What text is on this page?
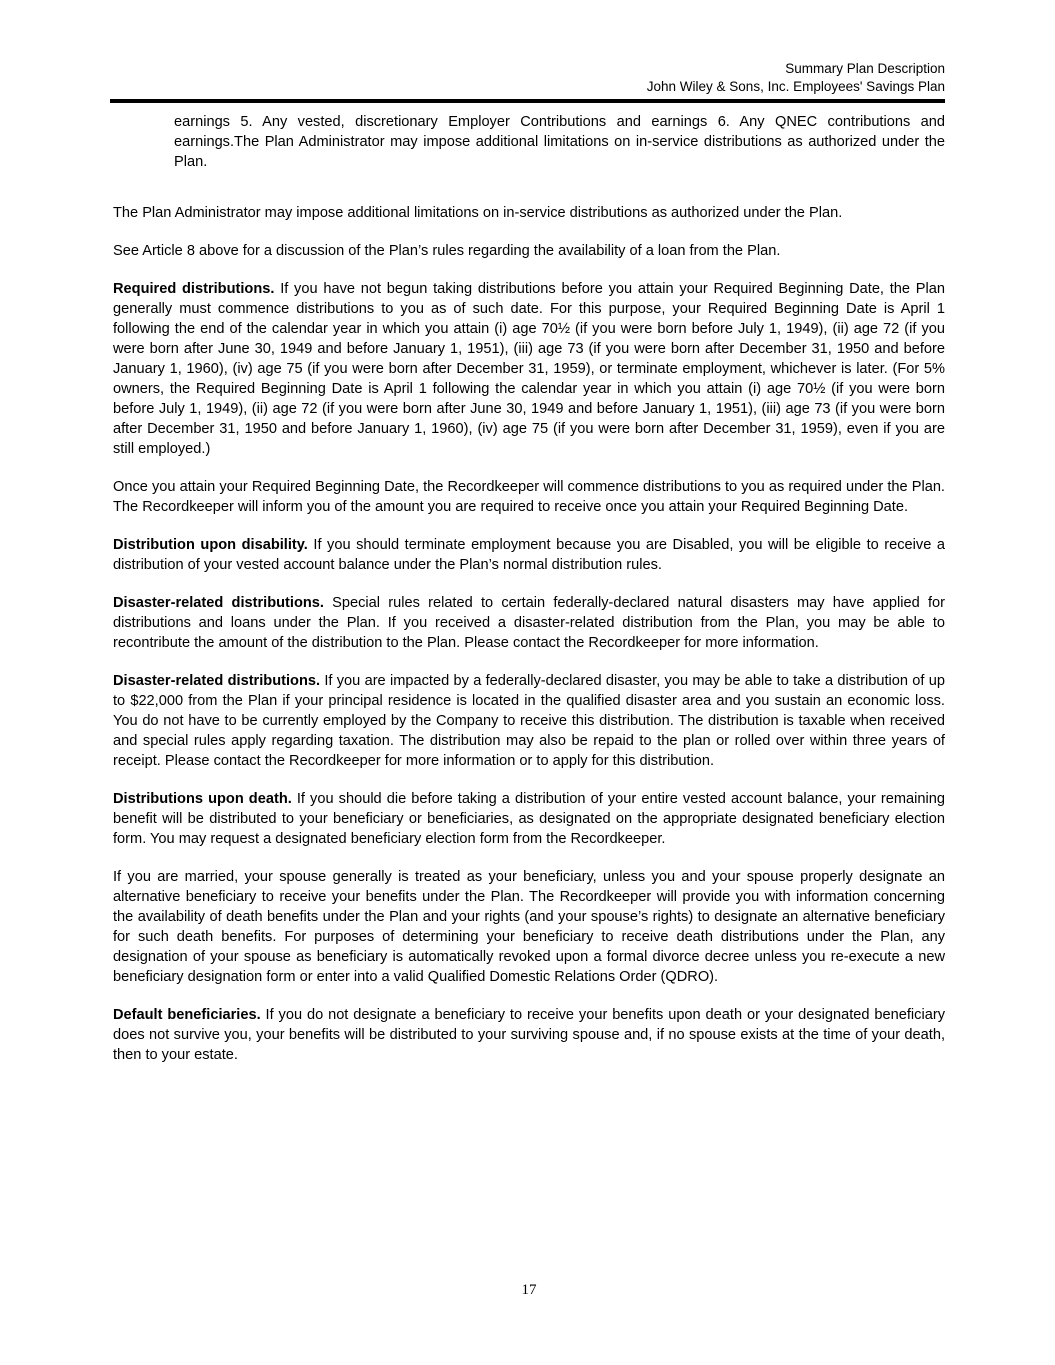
Summary Plan Description
John Wiley & Sons, Inc. Employees' Savings Plan

earnings 5. Any vested, discretionary Employer Contributions and earnings 6. Any QNEC contributions and earnings.The Plan Administrator may impose additional limitations on in-service distributions as authorized under the Plan.

The Plan Administrator may impose additional limitations on in-service distributions as authorized under the Plan.

See Article 8 above for a discussion of the Plan’s rules regarding the availability of a loan from the Plan.

Required distributions. If you have not begun taking distributions before you attain your Required Beginning Date, the Plan generally must commence distributions to you as of such date. For this purpose, your Required Beginning Date is April 1 following the end of the calendar year in which you attain (i) age 70½ (if you were born before July 1, 1949), (ii) age 72 (if you were born after June 30, 1949 and before January 1, 1951), (iii) age 73 (if you were born after December 31, 1950 and before January 1, 1960), (iv) age 75 (if you were born after December 31, 1959), or terminate employment, whichever is later. (For 5% owners, the Required Beginning Date is April 1 following the calendar year in which you attain (i) age 70½ (if you were born before July 1, 1949), (ii) age 72 (if you were born after June 30, 1949 and before January 1, 1951), (iii) age 73 (if you were born after December 31, 1950 and before January 1, 1960), (iv) age 75 (if you were born after December 31, 1959), even if you are still employed.)

Once you attain your Required Beginning Date, the Recordkeeper will commence distributions to you as required under the Plan. The Recordkeeper will inform you of the amount you are required to receive once you attain your Required Beginning Date.

Distribution upon disability. If you should terminate employment because you are Disabled, you will be eligible to receive a distribution of your vested account balance under the Plan’s normal distribution rules.

Disaster-related distributions. Special rules related to certain federally-declared natural disasters may have applied for distributions and loans under the Plan. If you received a disaster-related distribution from the Plan, you may be able to recontribute the amount of the distribution to the Plan. Please contact the Recordkeeper for more information.

Disaster-related distributions. If you are impacted by a federally-declared disaster, you may be able to take a distribution of up to $22,000 from the Plan if your principal residence is located in the qualified disaster area and you sustain an economic loss. You do not have to be currently employed by the Company to receive this distribution. The distribution is taxable when received and special rules apply regarding taxation. The distribution may also be repaid to the plan or rolled over within three years of receipt. Please contact the Recordkeeper for more information or to apply for this distribution.

Distributions upon death. If you should die before taking a distribution of your entire vested account balance, your remaining benefit will be distributed to your beneficiary or beneficiaries, as designated on the appropriate designated beneficiary election form. You may request a designated beneficiary election form from the Recordkeeper.

If you are married, your spouse generally is treated as your beneficiary, unless you and your spouse properly designate an alternative beneficiary to receive your benefits under the Plan. The Recordkeeper will provide you with information concerning the availability of death benefits under the Plan and your rights (and your spouse’s rights) to designate an alternative beneficiary for such death benefits. For purposes of determining your beneficiary to receive death distributions under the Plan, any designation of your spouse as beneficiary is automatically revoked upon a formal divorce decree unless you re-execute a new beneficiary designation form or enter into a valid Qualified Domestic Relations Order (QDRO).

Default beneficiaries. If you do not designate a beneficiary to receive your benefits upon death or your designated beneficiary does not survive you, your benefits will be distributed to your surviving spouse and, if no spouse exists at the time of your death, then to your estate.

17
